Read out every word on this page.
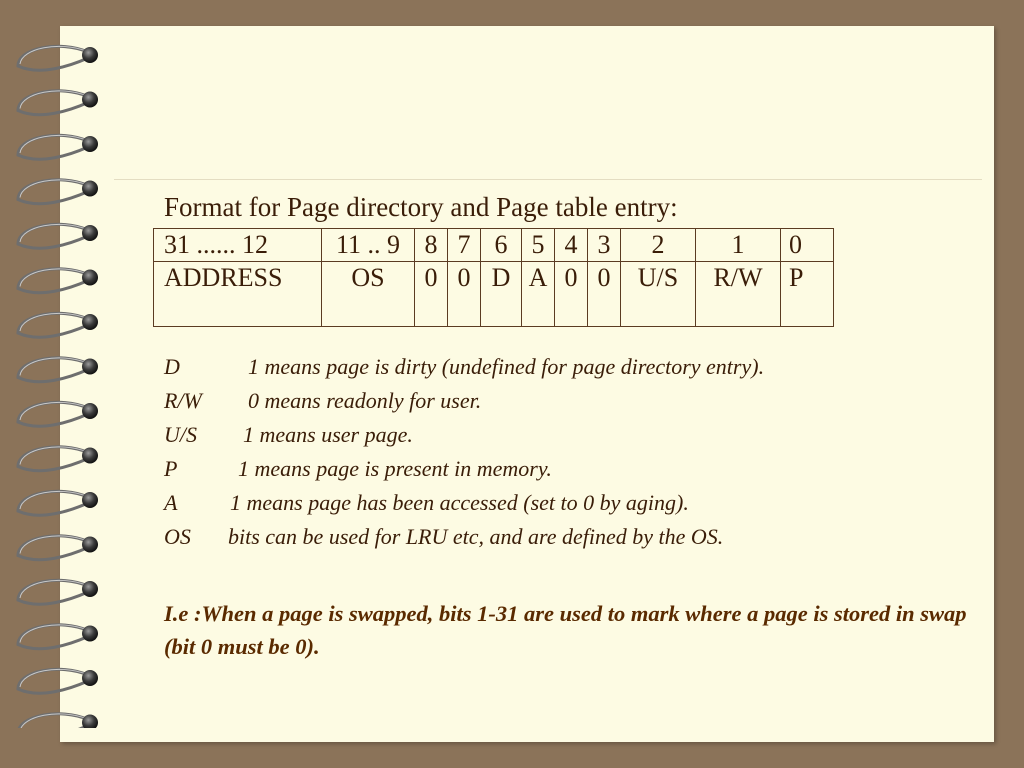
Format for Page directory and Page table entry:
31 ...... 12	11 .. 9	8	7	6	5	4	3	2	1	0
ADDRESS	OS	0	0	D	A	0	0	U/S	R/W	P
D	1 means page is dirty (undefined for page directory entry).
R/W 0 means readonly for user.
U/S 1 means user page.
P	1 means page is present in memory.
A 1 means page has been accessed (set to 0 by aging).
OS bits can be used for LRU etc, and are defined by the OS.
I.e :When a page is swapped, bits 1-31 are used to mark where a page is stored in swap (bit 0 must be 0).
